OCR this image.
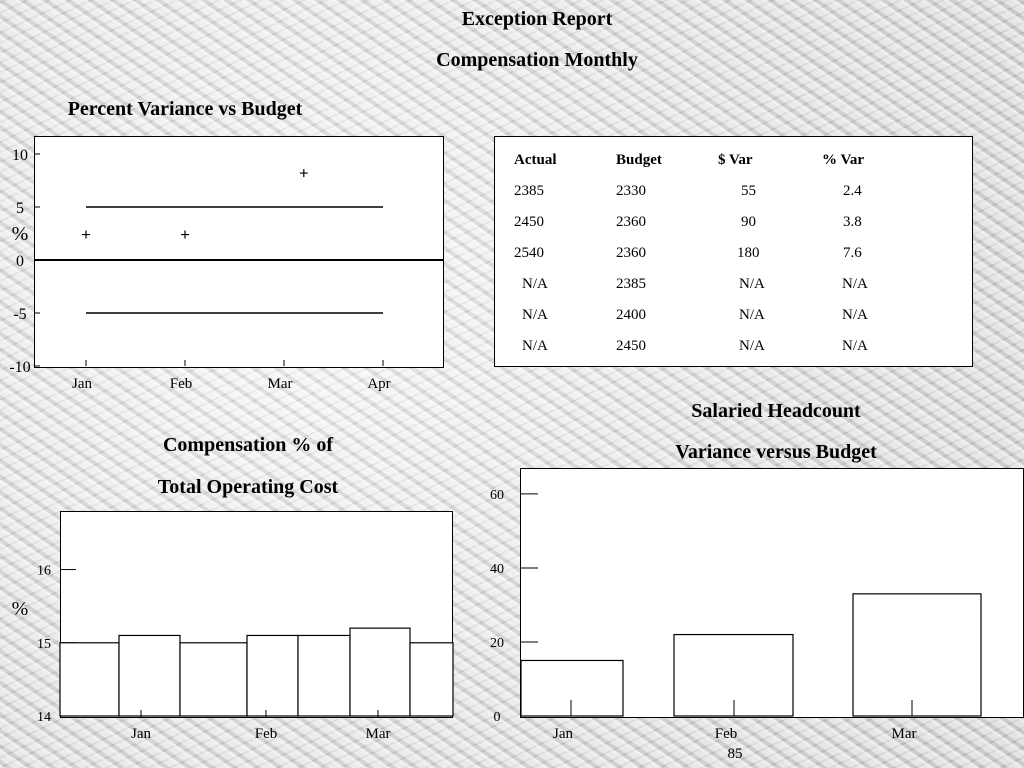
Exception Report
Compensation Monthly
Percent Variance vs Budget
10
5
0
-5
-10
%
Jan	Feb	Mar	Apr
Actual	Budget	$ Var	% Var
2385	2330	55	2.4
2450	2360	90	3.8
2540	2360	180	7.6
N/A	2385	N/A	N/A
N/A	2400	N/A	N/A
N/A	2450	N/A	N/A
Compensation % of
Total Operating Cost
16
15
14
%
Jan	Feb	Mar
Salaried Headcount
Variance versus Budget
60
40
20
0
Jan	Feb	Mar
85
